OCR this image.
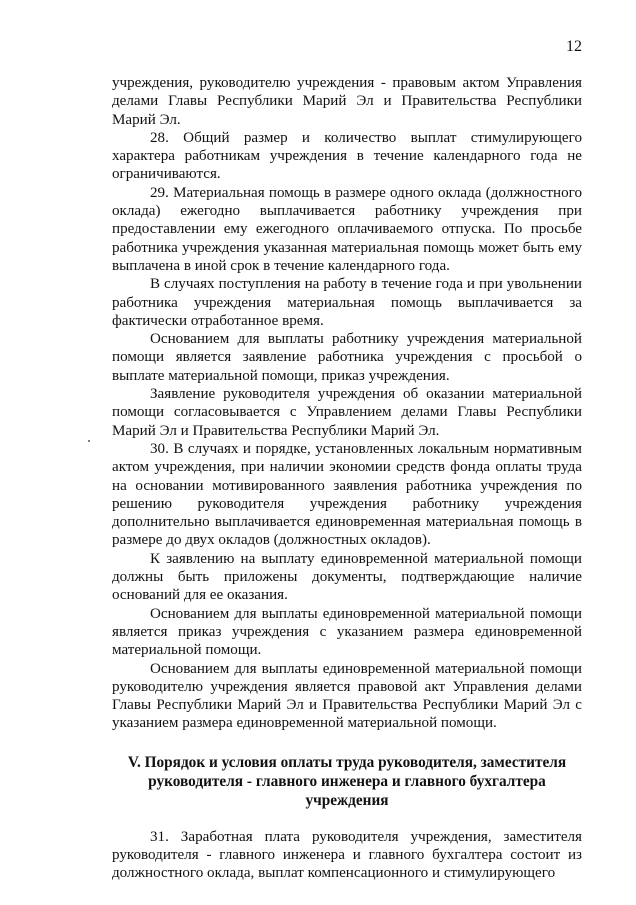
12

учреждения, руководителю учреждения - правовым актом Управления делами Главы Республики Марий Эл и Правительства Республики Марий Эл.

28. Общий размер и количество выплат стимулирующего характера работникам учреждения в течение календарного года не ограничиваются.

29. Материальная помощь в размере одного оклада (должностного оклада) ежегодно выплачивается работнику учреждения при предоставлении ему ежегодного оплачиваемого отпуска. По просьбе работника учреждения указанная материальная помощь может быть ему выплачена в иной срок в течение календарного года.

В случаях поступления на работу в течение года и при увольнении работника учреждения материальная помощь выплачивается за фактически отработанное время.

Основанием для выплаты работнику учреждения материальной помощи является заявление работника учреждения с просьбой о выплате материальной помощи, приказ учреждения.

Заявление руководителя учреждения об оказании материальной помощи согласовывается с Управлением делами Главы Республики Марий Эл и Правительства Республики Марий Эл.

30. В случаях и порядке, установленных локальным нормативным актом учреждения, при наличии экономии средств фонда оплаты труда на основании мотивированного заявления работника учреждения по решению руководителя учреждения работнику учреждения дополнительно выплачивается единовременная материальная помощь в размере до двух окладов (должностных окладов).

К заявлению на выплату единовременной материальной помощи должны быть приложены документы, подтверждающие наличие оснований для ее оказания.

Основанием для выплаты единовременной материальной помощи является приказ учреждения с указанием размера единовременной материальной помощи.

Основанием для выплаты единовременной материальной помощи руководителю учреждения является правовой акт Управления делами Главы Республики Марий Эл и Правительства Республики Марий Эл с указанием размера единовременной материальной помощи.

V. Порядок и условия оплаты труда руководителя, заместителя
руководителя - главного инженера и главного бухгалтера
учреждения

31. Заработная плата руководителя учреждения, заместителя руководителя - главного инженера и главного бухгалтера состоит из должностного оклада, выплат компенсационного и стимулирующего
